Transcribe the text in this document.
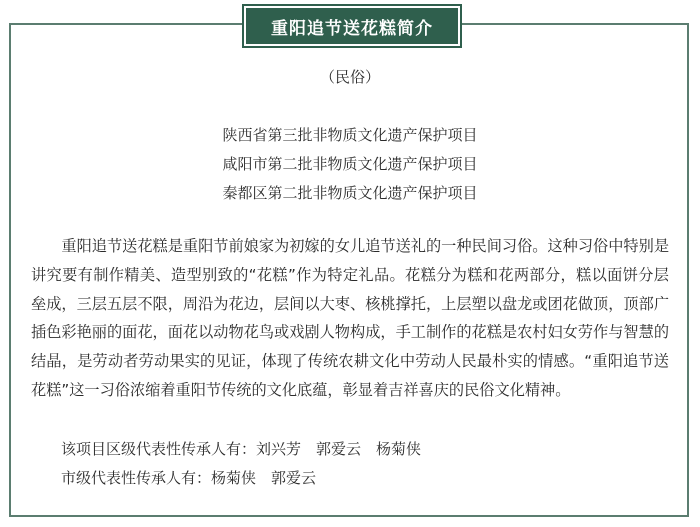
重阳追节送花糕简介
（民俗）
陕西省第三批非物质文化遗产保护项目
咸阳市第二批非物质文化遗产保护项目
秦都区第二批非物质文化遗产保护项目

重阳追节送花糕是重阳节前娘家为初嫁的女儿追节送礼的一种民间习俗。这种习俗中特别是讲究要有制作精美、造型别致的“花糕”作为特定礼品。花糕分为糕和花两部分，糕以面饼分层垒成，三层五层不限，周沿为花边，层间以大枣、核桃撑托，上层塑以盘龙或团花做顶，顶部广插色彩艳丽的面花，面花以动物花鸟或戏剧人物构成，手工制作的花糕是农村妇女劳作与智慧的结晶，是劳动者劳动果实的见证，体现了传统农耕文化中劳动人民最朴实的情感。“重阳追节送花糕”这一习俗浓缩着重阳节传统的文化底蕴，彰显着吉祥喜庆的民俗文化精神。

该项目区级代表性传承人有：刘兴芳　郭爱云　杨菊侠
市级代表性传承人有：杨菊侠　郭爱云
